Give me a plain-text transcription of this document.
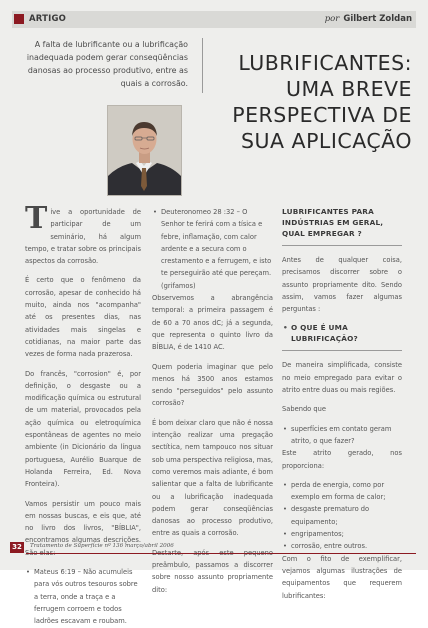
ARTIGO	por Gilbert Zoldan
A falta de lubrificante ou a lubrificação inadequada podem gerar conseqüências danosas ao processo produtivo, entre as quais a corrosão.
LUBRIFICANTES:
UMA BREVE
PERSPECTIVA DE
SUA APLICAÇÃO

Tive a oportunidade de participar de um seminário, há algum tempo, e tratar sobre os principais aspectos da corrosão.

É certo que o fenômeno da corrosão, apesar de conhecido há muito, ainda nos "acompanha" até os presentes dias, nas atividades mais singelas e cotidianas, na maior parte das vezes de forma nada prazerosa.

Do francês, "corrosion" é, por definição, o desgaste ou a modificação química ou estrutural de um material, provocados pela ação química ou eletroquímica espontâneas de agentes no meio ambiente (in Dicionário da língua portuguesa, Aurélio Buarque de Holanda Ferreira, Ed. Nova Fronteira).

Vamos persistir um pouco mais em nossas buscas, e eis que, até no livro dos livros, "BÍBLIA", encontramos algumas descrições.

• Mateus 6:19 – Não acumuleis para vós outros tesouros sobre a terra, onde a traça e a ferrugem corroem e todos ladrões escavam e roubam.
• Deuteronomeo 28 :32 – O Senhor te ferirá com a tísica e febre, inflamação, com calor ardente e a secura com o crestamento e a ferrugem, e isto te perseguirão até que pereçam. (grifamos)

Observemos a abrangência temporal: a primeira passagem é de 60 a 70 anos dC; já a segunda, que representa o quinto livro da BÍBLIA, é de 1410 AC.

Quem poderia imaginar que pelo menos há 3500 anos estamos sendo "perseguidos" pelo assunto corrosão?

É bom deixar claro que não é nossa intenção realizar uma pregação sectítica, nem tampouco nos situar sob uma perspectiva religiosa, mas, como veremos mais adiante, é bom salientar que a falta de lubrificante ou a lubrificação inadequada podem gerar conseqüências danosas ao processo produtivo, entre as quais a corrosão.

preâmbulo, passamos a discorrer sobre nosso assunto propriamente dito:

LUBRIFICANTES PARA INDÚSTRIAS EM GERAL, QUAL EMPREGAR ?

Antes de qualquer coisa, precisamos discorrer sobre o assunto propriamente dito. Sendo assim, vamos fazer algumas perguntas :

• O QUE É UMA LUBRIFICAÇÃO?

De maneira simplificada, consiste no meio empregado para evitar o atrito entre duas ou mais regiões.

Sabendo que

• superfícies em contato geram atrito, o que fazer?

Este atrito gerado, nos proporciona:

• perda de energia, como por exemplo em forma de calor;
• desgaste prematuro do equipamento;
• engripamentos;
• corrosão, entre outros.

Com o fito de exemplificar, vejamos algumas ilustrações de equipamentos que requerem lubrificantes:

32	Tratamento de Superfície nº 136 março/abril 2006
